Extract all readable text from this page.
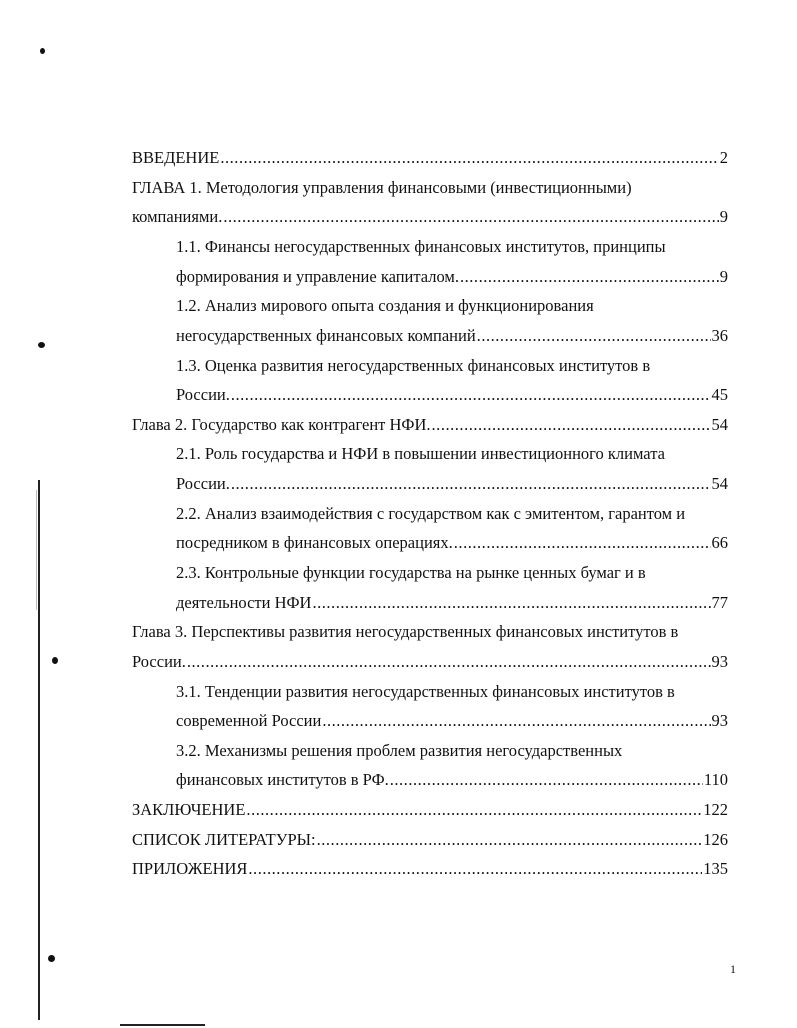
ВВЕДЕНИЕ . . .	2
ГЛАВА 1. Методология управления финансовыми (инвестиционными)
компаниями. . . .	9
1.1. Финансы негосударственных финансовых институтов, принципы
формирования и управление капиталом. . . .	9
1.2. Анализ мирового опыта создания и функционирования
негосударственных финансовых компаний . . .	36
1.3. Оценка развития негосударственных финансовых институтов в
России. . . .	45
Глава 2. Государство как контрагент НФИ. . . .	54
2.1. Роль государства и НФИ в повышении инвестиционного климата
России. . . .	54
2.2. Анализ взаимодействия с государством как с эмитентом, гарантом и
посредником в финансовых операциях. . . .	66
2.3. Контрольные функции государства на рынке ценных бумаг и в
деятельности НФИ . . .	77
Глава 3. Перспективы развития негосударственных финансовых институтов в
России. . . .	93
3.1. Тенденции развития негосударственных финансовых институтов в
современной России . . .	93
3.2. Механизмы решения проблем развития негосударственных
финансовых институтов в РФ. . . .	110
ЗАКЛЮЧЕНИЕ . . .	122
СПИСОК ЛИТЕРАТУРЫ: . . .	126
ПРИЛОЖЕНИЯ . . .	135
1
